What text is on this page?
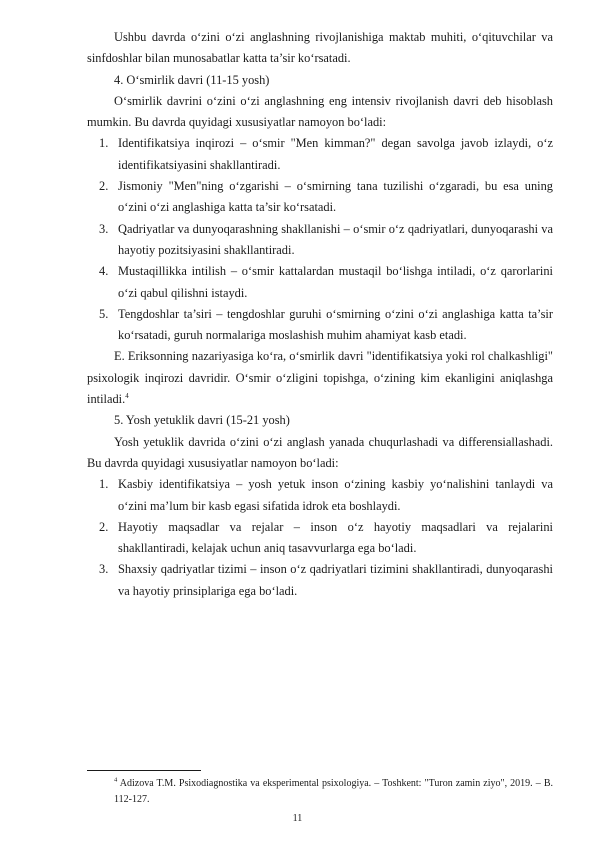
Ushbu davrda oʻzini oʻzi anglashning rivojlanishiga maktab muhiti, oʻqituvchilar va sinfdoshlar bilan munosabatlar katta ta’sir koʻrsatadi.

4. Oʻsmirlik davri (11-15 yosh)

Oʻsmirlik davrini oʻzini oʻzi anglashning eng intensiv rivojlanish davri deb hisoblash mumkin. Bu davrda quyidagi xususiyatlar namoyon boʻladi:

1. Identifikatsiya inqirozi – oʻsmir "Men kimman?" degan savolga javob izlaydi, oʻz identifikatsiyasini shakllantiradi.
2. Jismoniy "Men"ning oʻzgarishi – oʻsmirning tana tuzilishi oʻzgaradi, bu esa uning oʻzini oʻzi anglashiga katta ta’sir koʻrsatadi.
3. Qadriyatlar va dunyoqarashning shakllanishi – oʻsmir oʻz qadriyatlari, dunyoqarashi va hayotiy pozitsiyasini shakllantiradi.
4. Mustaqillikka intilish – oʻsmir kattalardan mustaqil boʻlishga intiladi, oʻz qarorlarini oʻzi qabul qilishni istaydi.
5. Tengdoshlar ta’siri – tengdoshlar guruhi oʻsmirning oʻzini oʻzi anglashiga katta ta’sir koʻrsatadi, guruh normalariga moslashish muhim ahamiyat kasb etadi.

E. Eriksonning nazariyasiga koʻra, oʻsmirlik davri "identifikatsiya yoki rol chalkashligi" psixologik inqirozi davridir. Oʻsmir oʻzligini topishga, oʻzining kim ekanligini aniqlashga intiladi.$^4$

5. Yosh yetuklik davri (15-21 yosh)

Yosh yetuklik davrida oʻzini oʻzi anglash yanada chuqurlashadi va differensiallashadi. Bu davrda quyidagi xususiyatlar namoyon boʻladi:

1. Kasbiy identifikatsiya – yosh yetuk inson oʻzining kasbiy yoʻnalishini tanlaydi va oʻzini ma’lum bir kasb egasi sifatida idrok eta boshlaydi.
2. Hayotiy maqsadlar va rejalar – inson oʻz hayotiy maqsadlari va rejalarini shakllantiradi, kelajak uchun aniq tasavvurlarga ega boʻladi.
3. Shaxsiy qadriyatlar tizimi – inson oʻz qadriyatlari tizimini shakllantiradi, dunyoqarashi va hayotiy prinsiplariga ega boʻladi.
$^4$ Adizova T.M. Psixodiagnostika va eksperimental psixologiya. – Toshkent: "Turon zamin ziyo", 2019. – B. 112-127.
11
